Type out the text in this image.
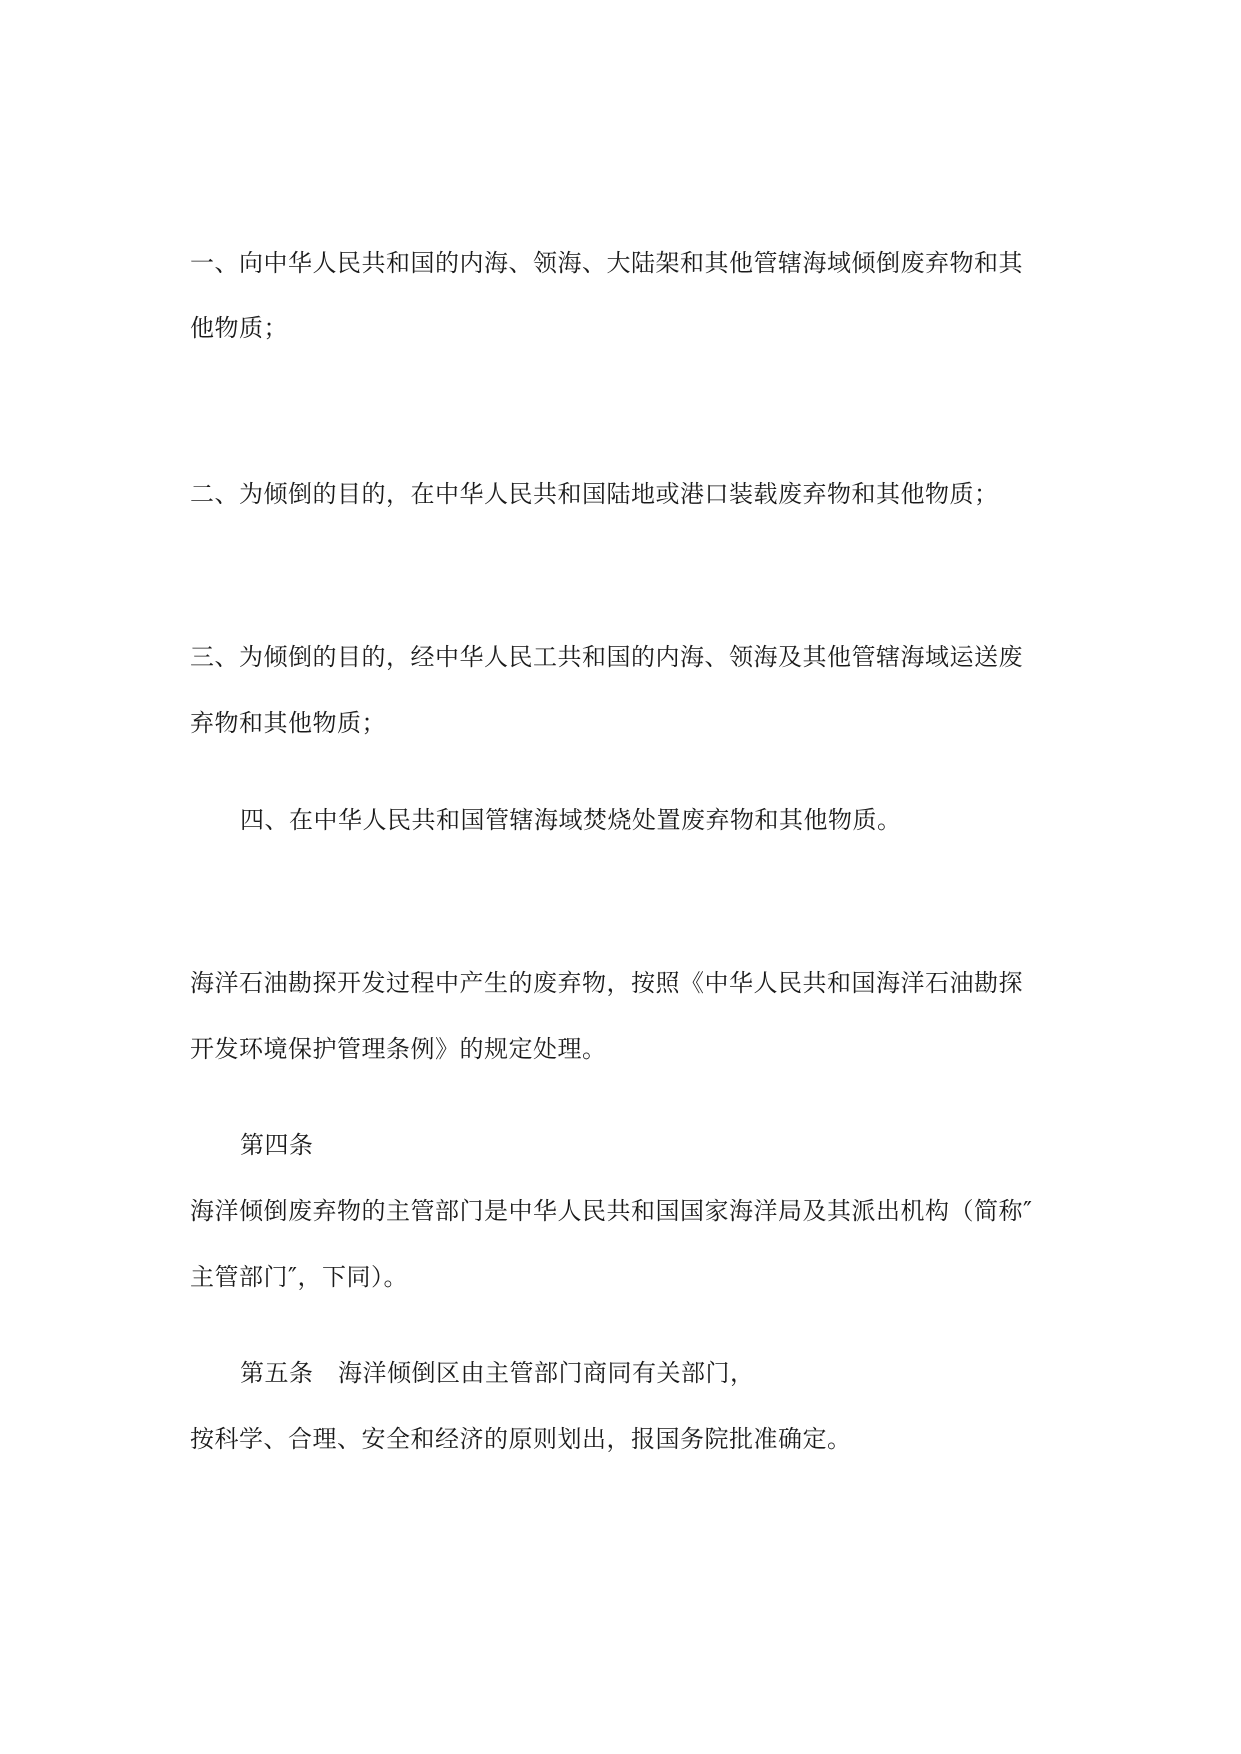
一、向中华人民共和国的内海、领海、大陆架和其他管辖海域倾倒废弃物和其
他物质；
二、为倾倒的目的，在中华人民共和国陆地或港口装载废弃物和其他物质；
三、为倾倒的目的，经中华人民工共和国的内海、领海及其他管辖海域运送废
弃物和其他物质；
四、在中华人民共和国管辖海域焚烧处置废弃物和其他物质。
海洋石油勘探开发过程中产生的废弃物，按照《中华人民共和国海洋石油勘探
开发环境保护管理条例》的规定处理。
第四条
海洋倾倒废弃物的主管部门是中华人民共和国国家海洋局及其派出机构（简称″
主管部门″，下同）。
第五条　海洋倾倒区由主管部门商同有关部门，
按科学、合理、安全和经济的原则划出，报国务院批准确定。
